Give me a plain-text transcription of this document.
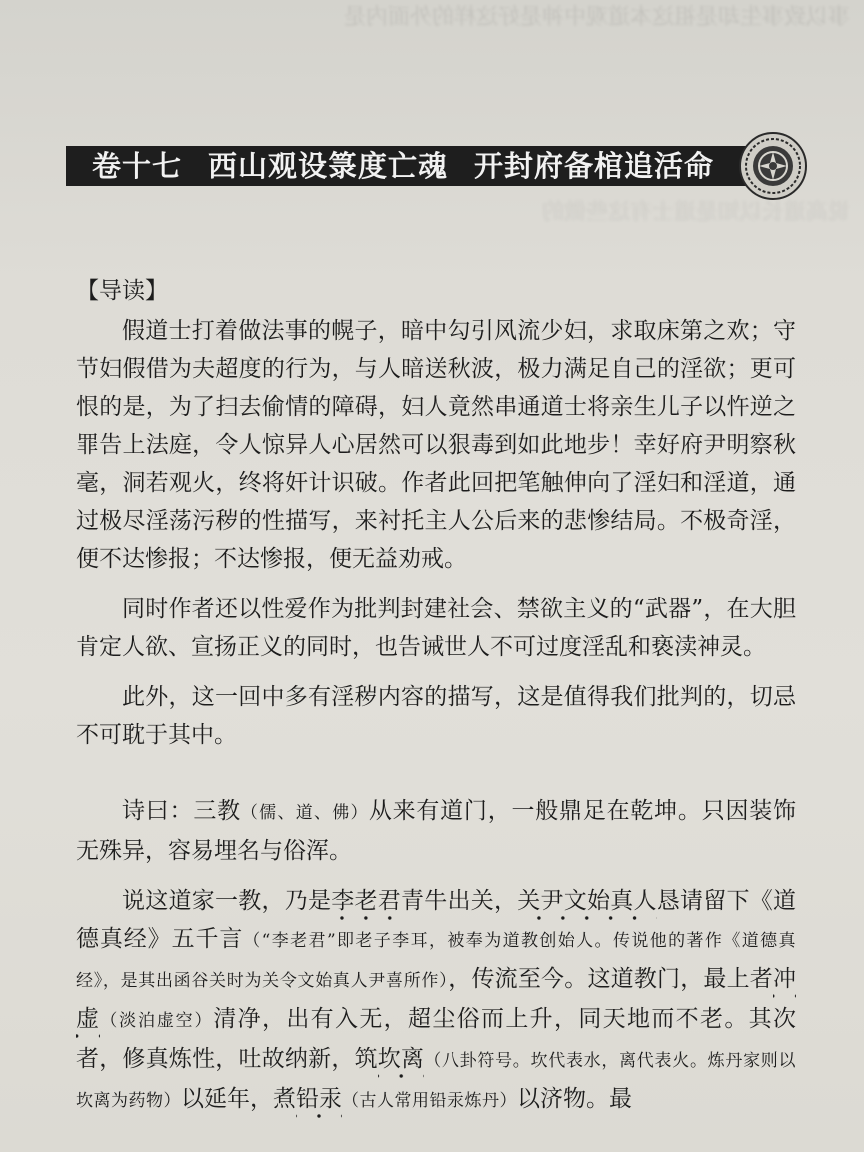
事以致事生却是祖这本道观中神是好这样的外面内是
说高道长以知是道士有这些做的
卷十七 西山观设箓度亡魂 开封府备棺追活命

【导读】

假道士打着做法事的幌子，暗中勾引风流少妇，求取床第之欢；守节妇假借为夫超度的行为，与人暗送秋波，极力满足自己的淫欲；更可恨的是，为了扫去偷情的障碍，妇人竟然串通道士将亲生儿子以忤逆之罪告上法庭，令人惊异人心居然可以狠毒到如此地步！幸好府尹明察秋毫，洞若观火，终将奸计识破。作者此回把笔触伸向了淫妇和淫道，通过极尽淫荡污秽的性描写，来衬托主人公后来的悲惨结局。不极奇淫，便不达惨报；不达惨报，便无益劝戒。

同时作者还以性爱作为批判封建社会、禁欲主义的“武器”，在大胆肯定人欲、宣扬正义的同时，也告诫世人不可过度淫乱和亵渎神灵。

此外，这一回中多有淫秽内容的描写，这是值得我们批判的，切忌不可耽于其中。

诗曰：三教（儒、道、佛）从来有道门，一般鼎足在乾坤。只因装饰无殊异，容易埋名与俗浑。

说这道家一教，乃是李老君青牛出关，关尹文始真人恳请留下《道德真经》五千言（“李老君”即老子李耳，被奉为道教创始人。传说他的著作《道德真经》，是其出函谷关时为关令文始真人尹喜所作），传流至今。这道教门，最上者冲虚（淡泊虚空）清净，出有入无，超尘俗而上升，同天地而不老。其次者，修真炼性，吐故纳新，筑坎离（八卦符号。坎代表水，离代表火。炼丹家则以坎离为药物）以延年，煮铅汞（古人常用铅汞炼丹）以济物。最
